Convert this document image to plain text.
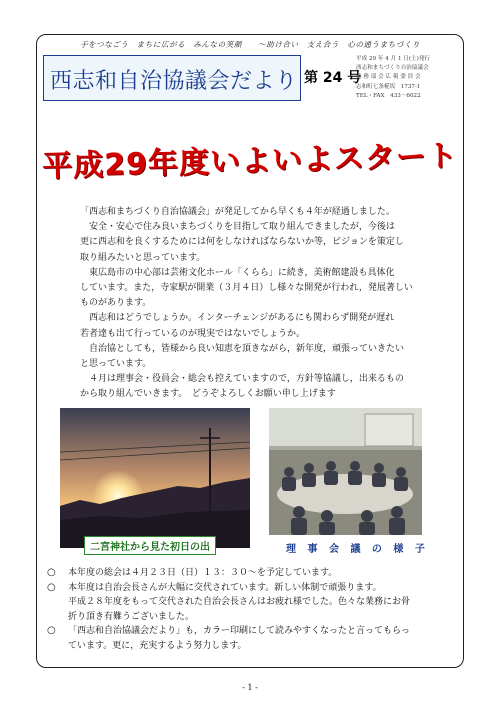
手をつなごう　まちに広がる　みんなの笑顔　　～助け合い　支え合う　心の通うまちづくり
西志和自治協議会だより 第 24 号
平成 29 年 4 月 1 日(土)発行
西志和まちづくり自治協議会
総 務 部 会 広 報 委 員 会
志和町七条椛坂　1737-1
TEL・FAX　433－6022
平成29年度いよいよスタート

「西志和まちづくり自治協議会」が発足してから早くも４年が経過しました。

　安全・安心で住み良いまちづくりを目指して取り組んできましたが，今後は

更に西志和を良くするためには何をしなければならないか等，ビジョンを策定し

取り組みたいと思っています。

　東広島市の中心部は芸術文化ホール「くらら」に続き，美術館建設も具体化

しています。また，寺家駅が開業（３月４日）し様々な開発が行われ，発展著しい

ものがあります。

　西志和はどうでしょうか。インターチェンジがあるにも関わらず開発が遅れ

若者達も出て行っているのが現実ではないでしょうか。

　自治協としても，皆様から良い知恵を頂きながら，新年度，頑張っていきたい

と思っています。

　４月は理事会・役員会・総会も控えていますので，方針等協議し，出来るもの

から取り組んでいきます。　どうぞよろしくお願い申し上げます

二宮神社から見た初日の出	理 事 会 議 の 様 子
○ 本年度の総会は４月２３日（日）１３：３０～を予定しています。
○ 本年度は自治会長さんが大幅に交代されています。新しい体制で頑張ります。
平成２８年度をもって交代された自治会長さんはお疲れ様でした。色々な業務にお骨
折り頂き有難うございました。
○ 「西志和自治協議会だより」も，カラー印刷にして読みやすくなったと言ってもらっ
ています。更に，充実するよう努力します。
- 1 -
